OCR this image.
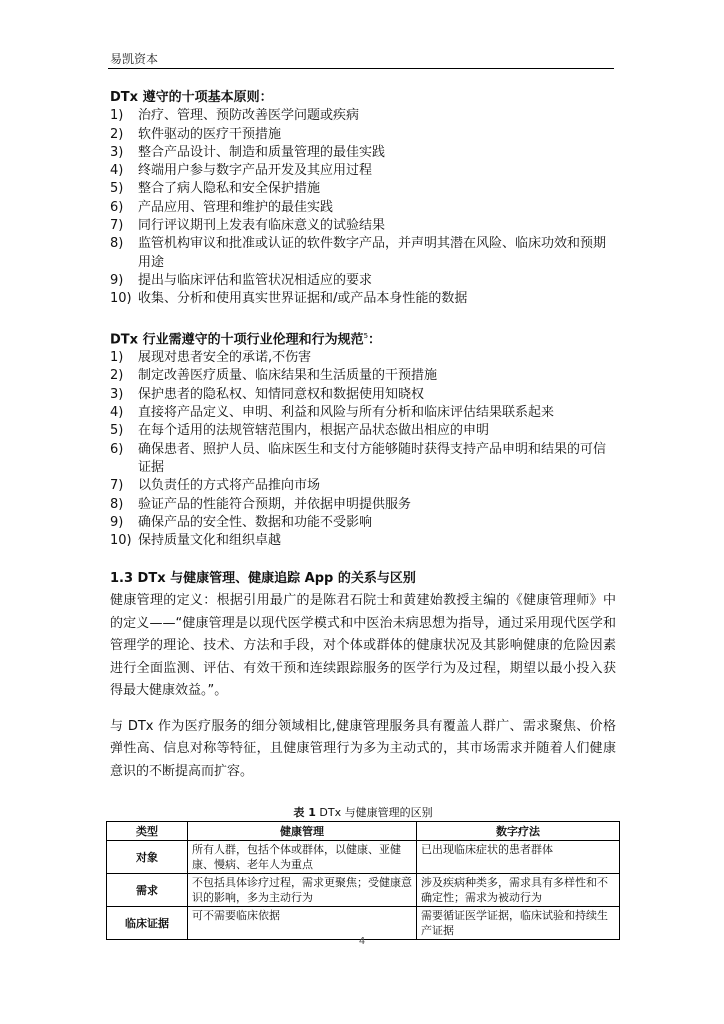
易凯资本
DTx 遵守的十项基本原则：
1)	治疗、管理、预防改善医学问题或疾病
2)	软件驱动的医疗干预措施
3)	整合产品设计、制造和质量管理的最佳实践
4)	终端用户参与数字产品开发及其应用过程
5)	整合了病人隐私和安全保护措施
6)	产品应用、管理和维护的最佳实践
7)	同行评议期刊上发表有临床意义的试验结果
8)	监管机构审议和批准或认证的软件数字产品，并声明其潜在风险、临床功效和预期用途
9)	提出与临床评估和监管状况相适应的要求
10) 收集、分析和使用真实世界证据和/或产品本身性能的数据
DTx 行业需遵守的十项行业伦理和行为规范$^5$：
1)	展现对患者安全的承诺,不伤害
2)	制定改善医疗质量、临床结果和生活质量的干预措施
3)	保护患者的隐私权、知情同意权和数据使用知晓权
4)	直接将产品定义、申明、利益和风险与所有分析和临床评估结果联系起来
5)	在每个适用的法规管辖范围内，根据产品状态做出相应的申明
6)	确保患者、照护人员、临床医生和支付方能够随时获得支持产品申明和结果的可信证据
7)	以负责任的方式将产品推向市场
8)	验证产品的性能符合预期，并依据申明提供服务
9)	确保产品的安全性、数据和功能不受影响
10) 保持质量文化和组织卓越
1.3 DTx 与健康管理、健康追踪 App 的关系与区别

健康管理的定义：根据引用最广的是陈君石院士和黄建始教授主编的《健康管理师》中的定义——“健康管理是以现代医学模式和中医治未病思想为指导，通过采用现代医学和管理学的理论、技术、方法和手段，对个体或群体的健康状况及其影响健康的危险因素进行全面监测、评估、有效干预和连续跟踪服务的医学行为及过程，期望以最小投入获得最大健康效益。”。

与 DTx 作为医疗服务的细分领域相比,健康管理服务具有覆盖人群广、需求聚焦、价格弹性高、信息对称等特征，且健康管理行为多为主动式的，其市场需求并随着人们健康意识的不断提高而扩容。

表 1 DTx 与健康管理的区别
类型	健康管理	数字疗法
对象	所有人群，包括个体或群体，以健康、亚健康、慢病、老年人为重点	已出现临床症状的患者群体
需求	不包括具体诊疗过程，需求更聚焦；受健康意识的影响，多为主动行为	涉及疾病种类多，需求具有多样性和不确定性；需求为被动行为
临床证据	可不需要临床依据	需要循证医学证据，临床试验和持续生产证据
4
